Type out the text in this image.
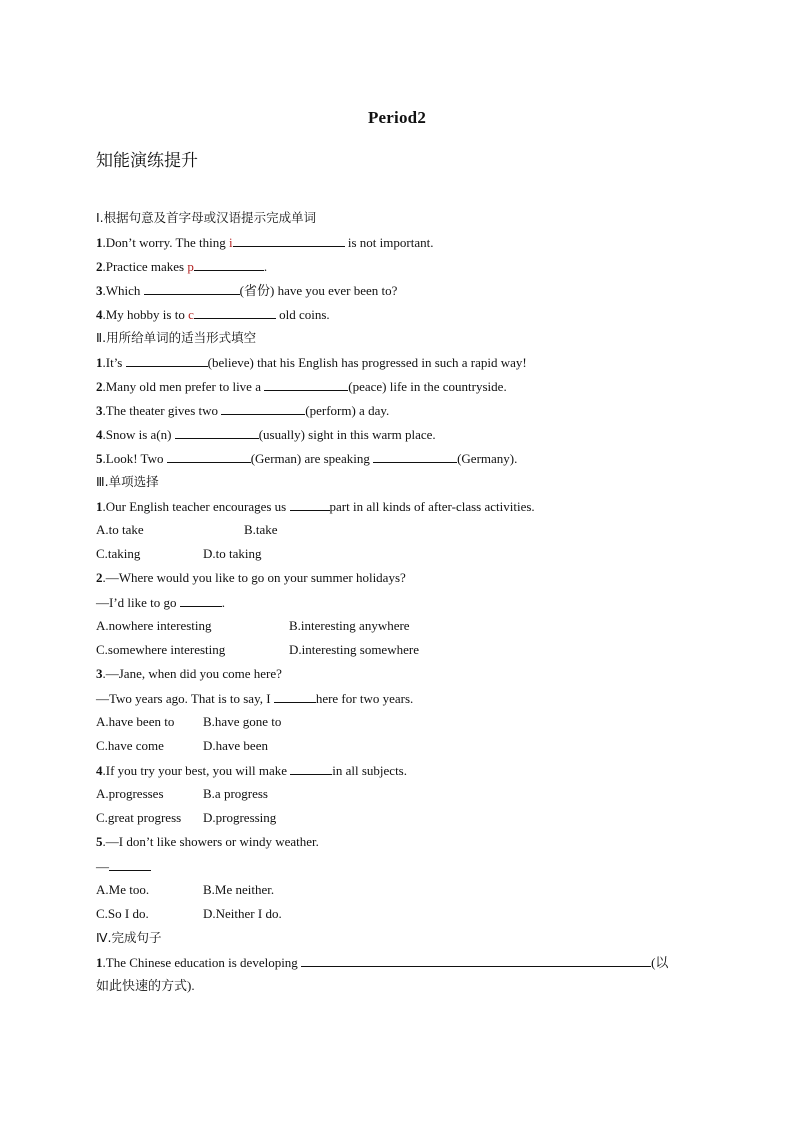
Period2
知能演练提升
Ⅰ.根据句意及首字母或汉语提示完成单词
1.Don’t worry. The thing i	is not important.
2.Practice makes p	.
3.Which	(省份) have you ever been to?
4.My hobby is to c	old coins.
Ⅱ.用所给单词的适当形式填空
1.It’s	(believe) that his English has progressed in such a rapid way!
2.Many old men prefer to live a	(peace) life in the countryside.
3.The theater gives two	(perform) a day.
4.Snow is a(n)	(usually) sight in this warm place.
5.Look! Two	(German) are speaking	(Germany).
Ⅲ.单项选择
1.Our English teacher encourages us	part in all kinds of after-class activities.
A.to take	B.take
C.taking	D.to taking
2.—Where would you like to go on your summer holidays?
—I’d like to go	.
A.nowhere interesting	B.interesting anywhere
C.somewhere interesting	D.interesting somewhere
3.—Jane, when did you come here?
—Two years ago. That is to say, I	here for two years.
A.have been to B.have gone to
C.have come	D.have been
4.If you try your best, you will make	in all subjects.
A.progresses	B.a progress
C.great progress D.progressing
5.—I don’t like showers or windy weather.
—
A.Me too.	B.Me neither.
C.So I do.	D.Neither I do.
Ⅳ.完成句子
1.The Chinese education is developing	(以
如此快速的方式).
